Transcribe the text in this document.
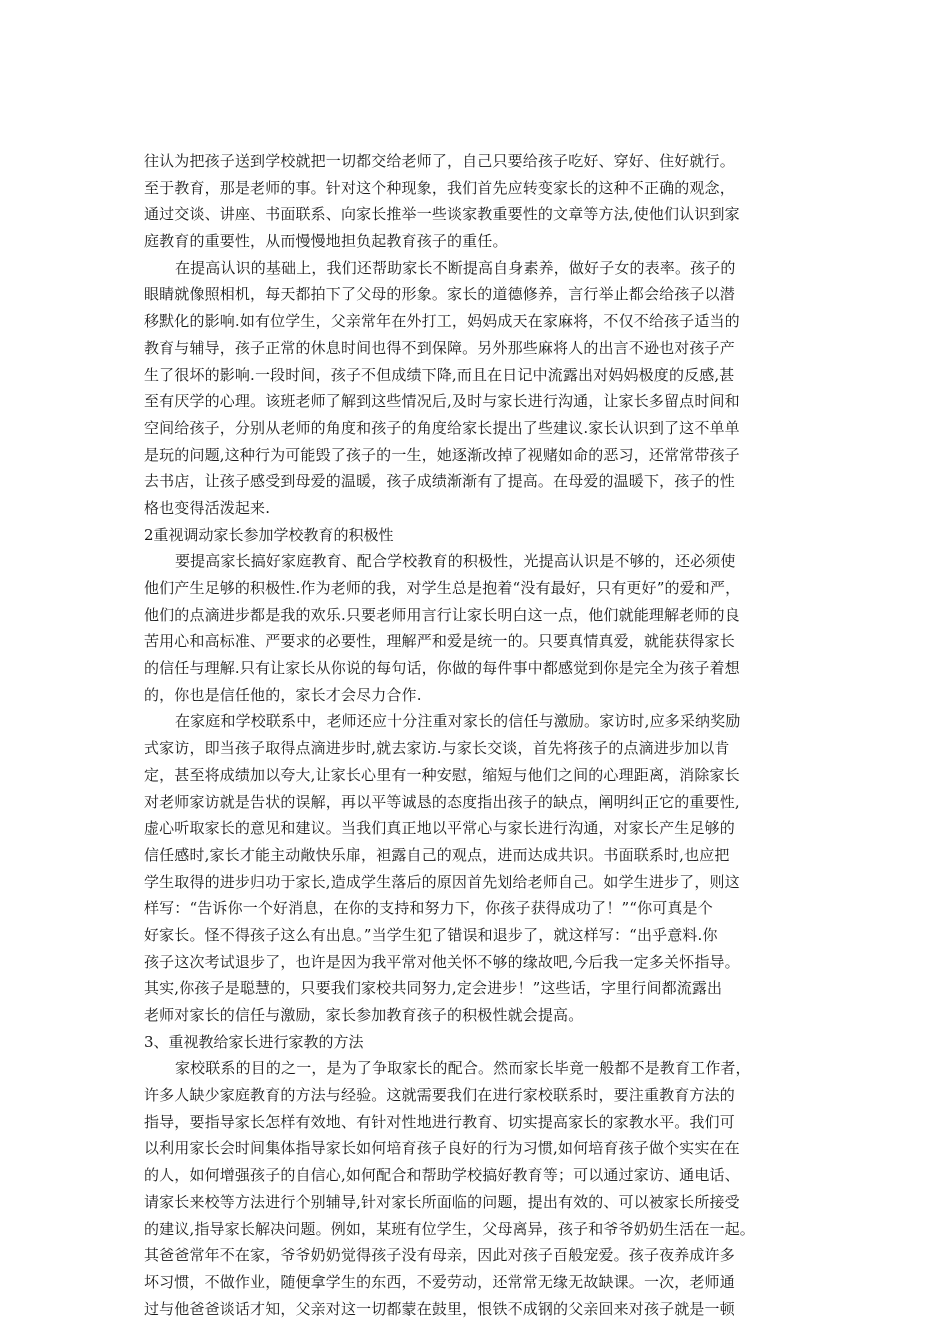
往认为把孩子送到学校就把一切都交给老师了，自己只要给孩子吃好、穿好、住好就行。
至于教育，那是老师的事。针对这个种现象，我们首先应转变家长的这种不正确的观念，
通过交谈、讲座、书面联系、向家长推举一些谈家教重要性的文章等方法,使他们认识到家
庭教育的重要性，从而慢慢地担负起教育孩子的重任。
在提高认识的基础上，我们还帮助家长不断提高自身素养，做好子女的表率。孩子的
眼睛就像照相机，每天都拍下了父母的形象。家长的道德修养，言行举止都会给孩子以潜
移默化的影响.如有位学生，父亲常年在外打工，妈妈成天在家麻将，不仅不给孩子适当的
教育与辅导，孩子正常的休息时间也得不到保障。另外那些麻将人的出言不逊也对孩子产
生了很坏的影响.一段时间，孩子不但成绩下降,而且在日记中流露出对妈妈极度的反感,甚
至有厌学的心理。该班老师了解到这些情况后,及时与家长进行沟通，让家长多留点时间和
空间给孩子，分别从老师的角度和孩子的角度给家长提出了些建议.家长认识到了这不单单
是玩的问题,这种行为可能毁了孩子的一生，她逐渐改掉了视赌如命的恶习，还常常带孩子
去书店，让孩子感受到母爱的温暖，孩子成绩渐渐有了提高。在母爱的温暖下，孩子的性
格也变得活泼起来.
2重视调动家长参加学校教育的积极性
要提高家长搞好家庭教育、配合学校教育的积极性，光提高认识是不够的，还必须使
他们产生足够的积极性.作为老师的我，对学生总是抱着“没有最好，只有更好”的爱和严，
他们的点滴进步都是我的欢乐.只要老师用言行让家长明白这一点，他们就能理解老师的良
苦用心和高标准、严要求的必要性，理解严和爱是统一的。只要真情真爱，就能获得家长
的信任与理解.只有让家长从你说的每句话，你做的每件事中都感觉到你是完全为孩子着想
的，你也是信任他的，家长才会尽力合作.
在家庭和学校联系中，老师还应十分注重对家长的信任与激励。家访时,应多采纳奖励
式家访，即当孩子取得点滴进步时,就去家访.与家长交谈，首先将孩子的点滴进步加以肯
定，甚至将成绩加以夸大,让家长心里有一种安慰，缩短与他们之间的心理距离，消除家长
对老师家访就是告状的误解，再以平等诚恳的态度指出孩子的缺点，阐明纠正它的重要性,
虚心听取家长的意见和建议。当我们真正地以平常心与家长进行沟通，对家长产生足够的
信任感时,家长才能主动敞快乐扉，袒露自己的观点，进而达成共识。书面联系时,也应把
学生取得的进步归功于家长,造成学生落后的原因首先划给老师自己。如学生进步了，则这
样写：“告诉你一个好消息，在你的支持和努力下，你孩子获得成功了！”“你可真是个
好家长。怪不得孩子这么有出息。”当学生犯了错误和退步了，就这样写：“出乎意料.你
孩子这次考试退步了，也许是因为我平常对他关怀不够的缘故吧,今后我一定多关怀指导。
其实,你孩子是聪慧的，只要我们家校共同努力,定会进步！”这些话，字里行间都流露出
老师对家长的信任与激励，家长参加教育孩子的积极性就会提高。
3、重视教给家长进行家教的方法
家校联系的目的之一，是为了争取家长的配合。然而家长毕竟一般都不是教育工作者，
许多人缺少家庭教育的方法与经验。这就需要我们在进行家校联系时，要注重教育方法的
指导，要指导家长怎样有效地、有针对性地进行教育、切实提高家长的家教水平。我们可
以利用家长会时间集体指导家长如何培育孩子良好的行为习惯,如何培育孩子做个实实在在
的人，如何增强孩子的自信心,如何配合和帮助学校搞好教育等；可以通过家访、通电话、
请家长来校等方法进行个别辅导,针对家长所面临的问题，提出有效的、可以被家长所接受
的建议,指导家长解决问题。例如，某班有位学生，父母离异，孩子和爷爷奶奶生活在一起。
其爸爸常年不在家，爷爷奶奶觉得孩子没有母亲，因此对孩子百般宠爱。孩子夜养成许多
坏习惯，不做作业，随便拿学生的东西，不爱劳动，还常常无缘无故缺课。一次，老师通
过与他爸爸谈话才知，父亲对这一切都蒙在鼓里，恨铁不成钢的父亲回来对孩子就是一顿
